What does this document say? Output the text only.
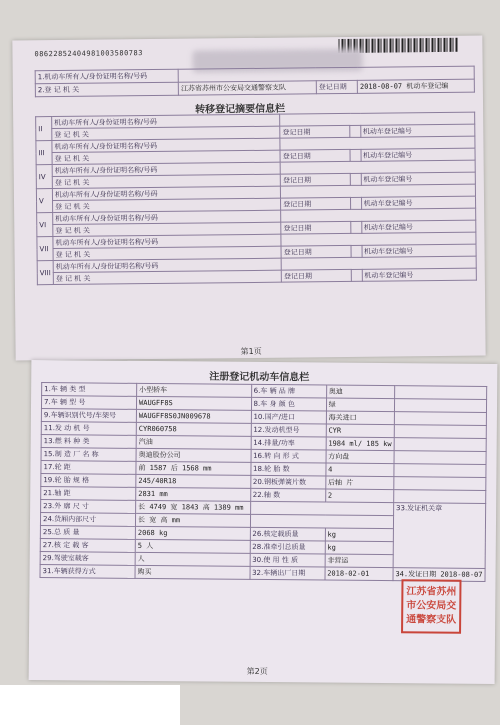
08622852404981003580783
1.机动车所有人/身份证明名称/号码			
2.登 记 机 关	江苏省苏州市公安局交通警察支队	登记日期	2018-08-07 机动车登记编
转移登记摘要信息栏
II	机动车所有人/身份证明名称/号码			
	登 记 机 关	登记日期		机动车登记编号
III	机动车所有人/身份证明名称/号码			
	登 记 机 关	登记日期		机动车登记编号
IV	机动车所有人/身份证明名称/号码			
	登 记 机 关	登记日期		机动车登记编号
V	机动车所有人/身份证明名称/号码			
	登 记 机 关	登记日期		机动车登记编号
VI	机动车所有人/身份证明名称/号码			
	登 记 机 关	登记日期		机动车登记编号
VII	机动车所有人/身份证明名称/号码			
	登 记 机 关	登记日期		机动车登记编号
VIII	机动车所有人/身份证明名称/号码			
	登 记 机 关	登记日期		机动车登记编号
第1页
注册登记机动车信息栏
1.车 辆 类 型	小型轿车	6.车 辆 品 牌	奥迪	
7.车 辆 型 号	WAUGFF8S	8.车 身 颜 色	绿	
9.车辆识别代号/车架号	WAUGFF8S0JN009678	10.国产/进口	海关进口	
11.发 动 机 号	CYR060758	12.发动机型号	CYR	
13.燃 料 种 类	汽油	14.排量/功率	1984 ml/ 185 kw	
15.制 造 厂 名 称	奥迪股份公司	16.转 向 形 式	方向盘	
17.轮 距	前 1587 后 1568 mm	18.轮 胎 数	4	
19.轮 胎 规 格	245/40R18	20.钢板弹簧片数	后轴 片	
21.轴 距	2831 mm	22.轴 数	2	
23.外 廓 尺 寸	长 4749 宽 1843 高 1389 mm			33.发证机关章
24.货厢内部尺寸	长 宽 高 mm			
25.总 质 量	2068 kg	26.核定载质量	kg	
27.核 定 载 客	5 人	28.准牵引总质量	kg	
29.驾驶室载客	人	30.使 用 性 质	非营运	
31.车辆获得方式	购买	32.车辆出厂日期	2018-02-01	34.发证日期 2018-08-07
江苏省苏州市公安局交通警察支队
第2页
